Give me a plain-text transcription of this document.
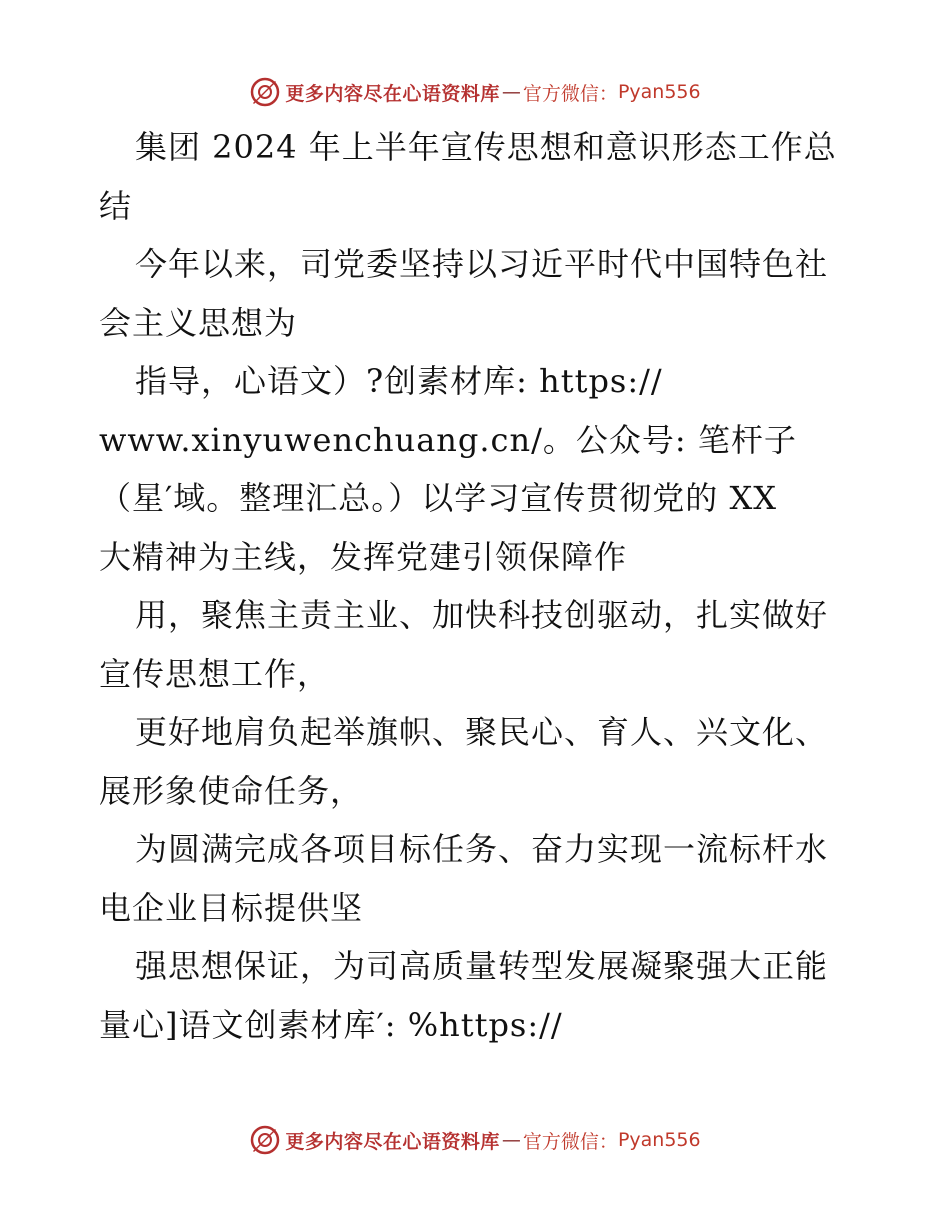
更多内容尽在心语资料库 — 官方微信： Pyan556
集团 2024 年上半年宣传思想和意识形态工作总
结
今年以来，司党委坚持以习近平时代中国特色社
会主义思想为
指导，心语文）?创素材库: https://
www.xinyuwenchuang.cn/。公众号: 笔杆子
（星′域。整理汇总。）以学习宣传贯彻党的 XX
大精神为主线，发挥党建引领保障作
用，聚焦主责主业、加快科技创驱动，扎实做好
宣传思想工作，
更好地肩负起举旗帜、聚民心、育人、兴文化、
展形象使命任务，
为圆满完成各项目标任务、奋力实现一流标杆水
电企业目标提供坚
强思想保证，为司高质量转型发展凝聚强大正能
量心]语文创素材库′: %https://
更多内容尽在心语资料库 — 官方微信： Pyan556
